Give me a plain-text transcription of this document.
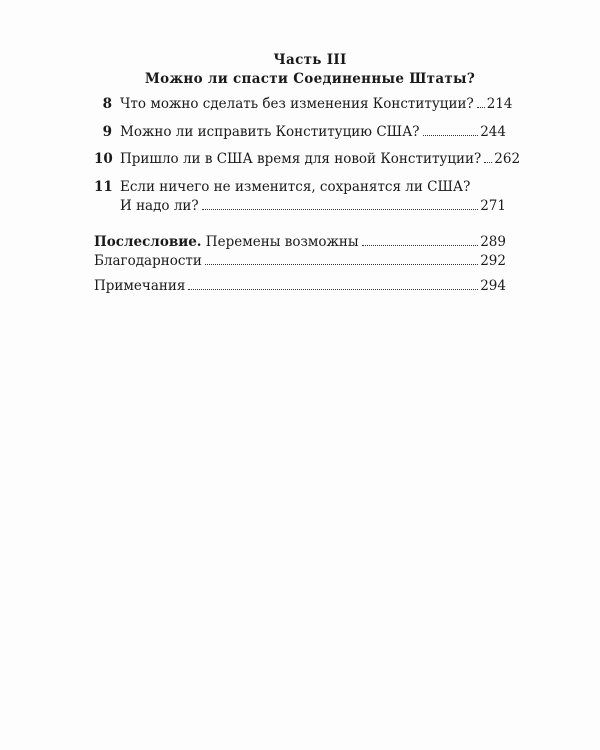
Часть III
Можно ли спасти Соединенные Штаты?
8 Что можно сделать без изменения Конституции? 214
9 Можно ли исправить Конституцию США?	244
10 Пришло ли в США время для новой Конституции? 262
11 Если ничего не изменится, сохранятся ли США?
И надо ли?	271
Послесловие. Перемены возможны	289
Благодарности	292
Примечания	294
